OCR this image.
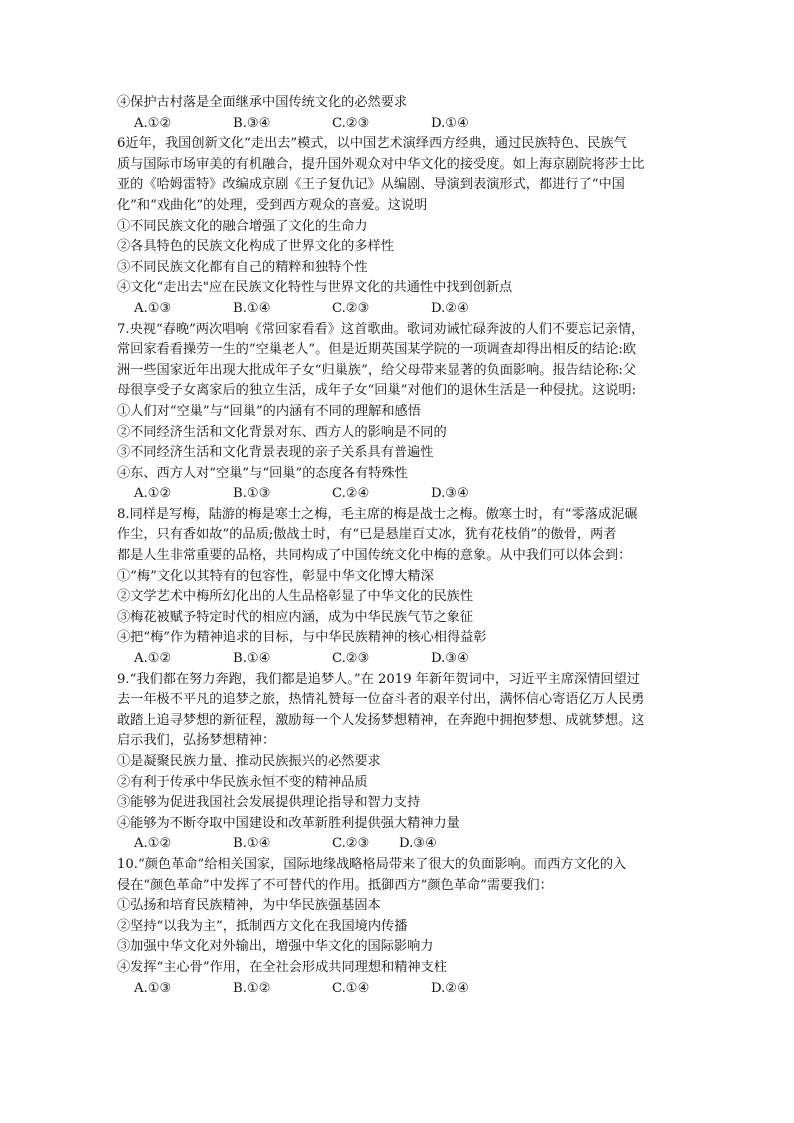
④保护古村落是全面继承中国传统文化的必然要求
A.①②	B.③④	C.②③	D.①④
6近年，我国创新文化“走出去”模式，以中国艺术演绎西方经典，通过民族特色、民族气
质与国际市场审美的有机融合，提升国外观众对中华文化的接受度。如上海京剧院将莎士比
亚的《哈姆雷特》改编成京剧《王子复仇记》从编剧、导演到表演形式，都进行了“中国
化”和“戏曲化”的处理，受到西方观众的喜爱。这说明
①不同民族文化的融合增强了文化的生命力
②各具特色的民族文化构成了世界文化的多样性
③不同民族文化都有自己的精粹和独特个性
④文化“走出去"应在民族文化特性与世界文化的共通性中找到创新点
A.①③	B.①④	C.②③	D.②④
7.央视“春晚”两次唱响《常回家看看》这首歌曲。歌词劝诫忙碌奔波的人们不要忘记亲情，
常回家看看操劳一生的“空巢老人”。但是近期英国某学院的一项调查却得出相反的结论:欧
洲一些国家近年出现大批成年子女“归巢族”，给父母带来显著的负面影响。报告结论称:父
母很享受子女离家后的独立生活，成年子女“回巢”对他们的退休生活是一种侵扰。这说明:
①人们对“空巢”与“回巢”的内涵有不同的理解和感悟
②不同经济生活和文化背景对东、西方人的影响是不同的
③不同经济生活和文化背景表现的亲子关系具有普遍性
④东、西方人对“空巢”与“回巢”的态度各有特殊性
A.①②	B.①③	C.②④	D.③④
8.同样是写梅，陆游的梅是寒士之梅，毛主席的梅是战士之梅。傲寒士时，有“零落成泥碾
作尘，只有香如故”的品质;傲战士时，有“已是悬崖百丈冰，犹有花枝俏”的傲骨，两者
都是人生非常重要的品格，共同构成了中国传统文化中梅的意象。从中我们可以体会到：
①“梅”文化以其特有的包容性，彰显中华文化博大精深
②文学艺术中梅所幻化出的人生品格彰显了中华文化的民族性
③梅花被赋予特定时代的相应内涵，成为中华民族气节之象征
④把“梅”作为精神追求的目标，与中华民族精神的核心相得益彰
A.①②	B.①④	C.②③	D.③④
9.“我们都在努力奔跑，我们都是追梦人。”在 2019 年新年贺词中，习近平主席深情回望过
去一年极不平凡的追梦之旅，热情礼赞每一位奋斗者的艰辛付出，满怀信心寄语亿万人民勇
敢踏上追寻梦想的新征程，激励每一个人发扬梦想精神，在奔跑中拥抱梦想、成就梦想。这
启示我们，弘扬梦想精神：
①是凝聚民族力量、推动民族振兴的必然要求
②有利于传承中华民族永恒不变的精神品质
③能够为促进我国社会发展提供理论指导和智力支持
④能够为不断夺取中国建设和改革新胜利提供强大精神力量
A.①②	B.①④	C.②③	D.③④
10.“颜色革命”给相关国家，国际地缘战略格局带来了很大的负面影响。而西方文化的入
侵在“颜色革命”中发挥了不可替代的作用。抵御西方“颜色革命”需要我们：
①弘扬和培育民族精神，为中华民族强基固本
②坚持“以我为主”，抵制西方文化在我国境内传播
③加强中华文化对外输出，增强中华文化的国际影响力
④发挥“主心骨”作用，在全社会形成共同理想和精神支柱
A.①③	B.①②	C.①④	D.②④
